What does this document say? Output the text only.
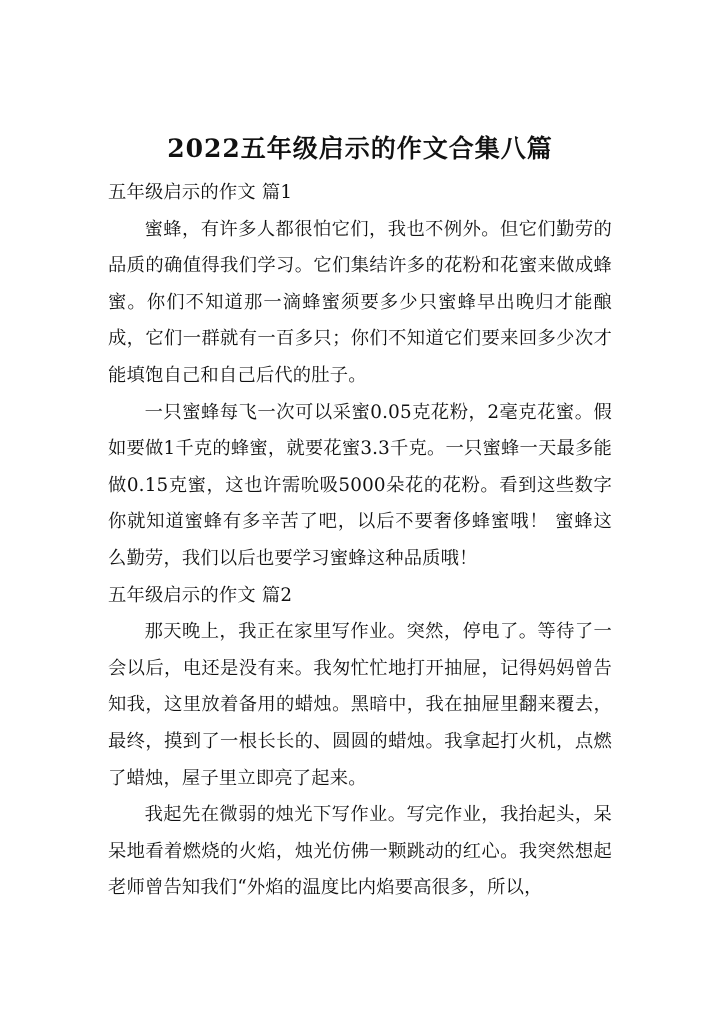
2022五年级启示的作文合集八篇
五年级启示的作文 篇1

蜜蜂，有许多人都很怕它们，我也不例外。但它们勤劳的品质的确值得我们学习。它们集结许多的花粉和花蜜来做成蜂蜜。你们不知道那一滴蜂蜜须要多少只蜜蜂早出晚归才能酿成，它们一群就有一百多只；你们不知道它们要来回多少次才能填饱自己和自己后代的肚子。

一只蜜蜂每飞一次可以采蜜0.05克花粉，2毫克花蜜。假如要做1千克的蜂蜜，就要花蜜3.3千克。一只蜜蜂一天最多能做0.15克蜜，这也许需吮吸5000朵花的花粉。看到这些数字你就知道蜜蜂有多辛苦了吧，以后不要奢侈蜂蜜哦！ 蜜蜂这么勤劳，我们以后也要学习蜜蜂这种品质哦！

五年级启示的作文 篇2

那天晚上，我正在家里写作业。突然，停电了。等待了一会以后，电还是没有来。我匆忙忙地打开抽屉，记得妈妈曾告知我，这里放着备用的蜡烛。黑暗中，我在抽屉里翻来覆去，最终，摸到了一根长长的、圆圆的蜡烛。我拿起打火机，点燃了蜡烛，屋子里立即亮了起来。

我起先在微弱的烛光下写作业。写完作业，我抬起头，呆呆地看着燃烧的火焰，烛光仿佛一颗跳动的红心。我突然想起老师曾告知我们“外焰的温度比内焰要高很多，所以，
